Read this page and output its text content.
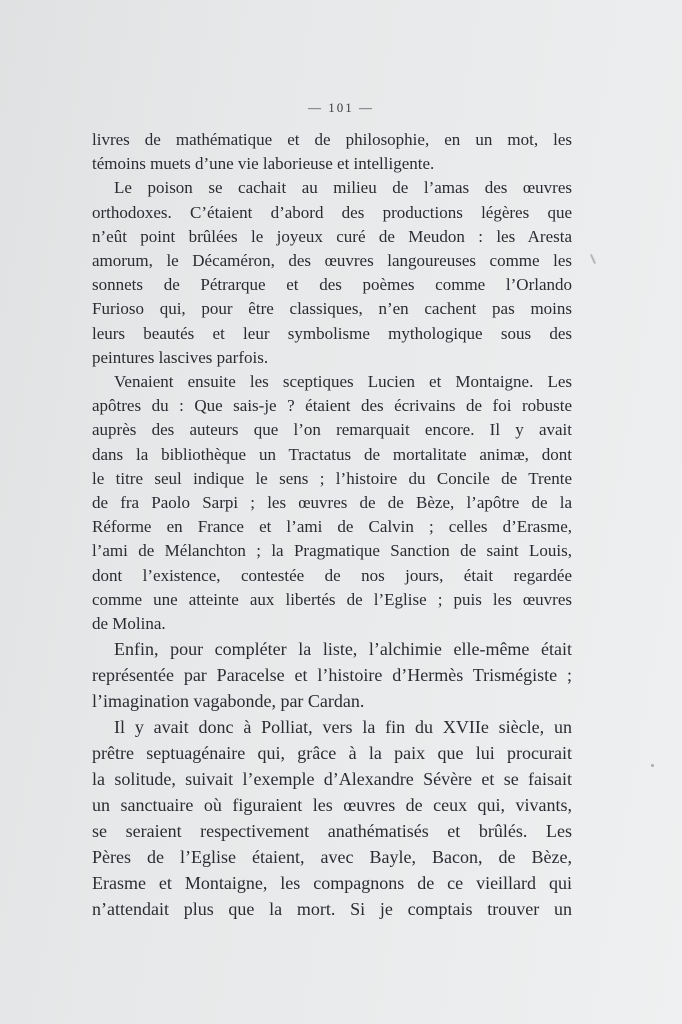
— 101 —
livres de mathématique et de philosophie, en un mot, les
témoins muets d’une vie laborieuse et intelligente.
Le poison se cachait au milieu de l’amas des œuvres
orthodoxes. C’étaient d’abord des productions légères que
n’eût point brûlées le joyeux curé de Meudon : les Aresta
amorum, le Décaméron, des œuvres langoureuses comme les
sonnets de Pétrarque et des poèmes comme l’Orlando
Furioso qui, pour être classiques, n’en cachent pas moins
leurs beautés et leur symbolisme mythologique sous des
peintures lascives parfois.
Venaient ensuite les sceptiques Lucien et Montaigne. Les
apôtres du : Que sais-je ? étaient des écrivains de foi robuste
auprès des auteurs que l’on remarquait encore. Il y avait
dans la bibliothèque un Tractatus de mortalitate animæ, dont
le titre seul indique le sens ; l’histoire du Concile de Trente
de fra Paolo Sarpi ; les œuvres de de Bèze, l’apôtre de la
Réforme en France et l’ami de Calvin ; celles d’Erasme,
l’ami de Mélanchton ; la Pragmatique Sanction de saint Louis,
dont l’existence, contestée de nos jours, était regardée
comme une atteinte aux libertés de l’Eglise ; puis les œuvres
de Molina.
Enfin, pour compléter la liste, l’alchimie elle-même était
représentée par Paracelse et l’histoire d’Hermès Trismégiste ;
l’imagination vagabonde, par Cardan.
Il y avait donc à Polliat, vers la fin du XVIIe siècle, un
prêtre septuagénaire qui, grâce à la paix que lui procurait
la solitude, suivait l’exemple d’Alexandre Sévère et se faisait
un sanctuaire où figuraient les œuvres de ceux qui, vivants,
se seraient respectivement anathématisés et brûlés. Les
Pères de l’Eglise étaient, avec Bayle, Bacon, de Bèze,
Erasme et Montaigne, les compagnons de ce vieillard qui
n’attendait plus que la mort. Si je comptais trouver un
